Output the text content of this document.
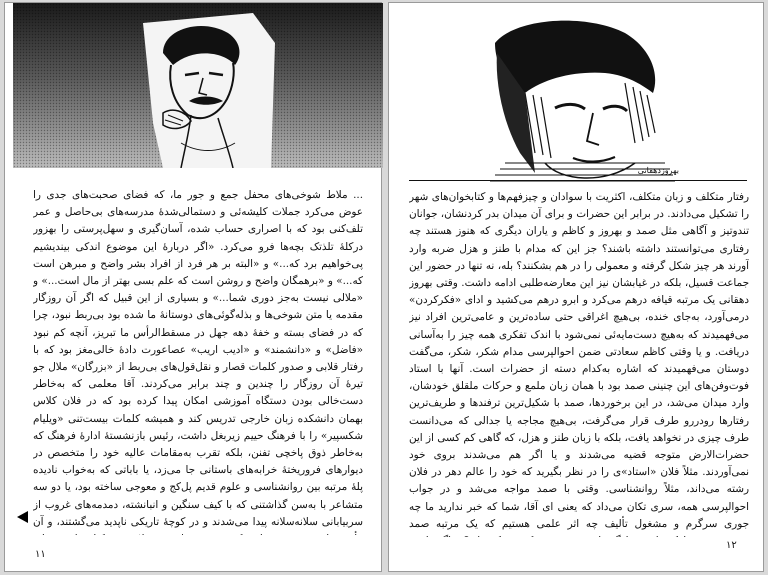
... ملاط شوخی‌های محفل جمع و جور ما، که فضای صحبت‌های جدی را عوض می‌کرد جملات کلیشه‌ئی و دستمالی‌شدهٔ مدرسه‌های بی‌حاصل و عمر تلف‌کنی بود که با اصراری حساب شده، آسان‌گیری و سهل‌پرستی را بهزور درکلهٔ تلذتک بچه‌ها فرو می‌کرد. «اگر دربارهٔ این موضوع اندکی بیندیشیم پی‌خواهیم برد که...» و «البته بر هر فرد از افراد بشر واضح و مبرهن است که...» و «برهمگان واضح و روشن است که علم بسی بهتر از مال است...» و «ملالی نیست به‌جز دوری شما...» و بسیاری از این قبیل که اگر آن روزگار مقدمه یا متن شوخی‌ها و بذله‌گوئی‌های دوستانهٔ ما شده بود بی‌ربط نبود، چرا که در فضای بسته و خفهٔ دهه جهل در مسقط‌الرأس ما تبریز، آنچه کم نبود «فاضل» و «دانشمند» و «ادیب اریب» عصاعورت دادهٔ خالی‌مغز بود که با رفتار قلابی و صدور کلمات قصار و نقل‌قول‌های بی‌ربط از «بزرگان» ملال جو تیرهٔ آن روزگار را چندین و چند برابر می‌کردند. آقا معلمی که به‌خاطر دست‌خالی بودن دستگاه آموزشی امکان پیدا کرده بود که در فلان کلاس بهمان دانشکده زبان خارجی تدریس کند و همیشه کلمات بیست‌تنی «ویلیام شکسپیر» را با فرهنگ حییم زیربغل داشت، رئیس بازنشستهٔ ادارهٔ فرهنگ که به‌خاطر ذوق پاخچی تفنن، بلکه تقرب به‌مقامات عالیه خود را متخصص در دیوارهای فروریختهٔ خرابه‌های باستانی جا می‌زد، یا باباتی که به‌خواب نادیده پلهٔ مرتبه بین روانشناسی و علوم قدیم پل‌کج و معوجی ساخته بود، یا دو سه متشاعر با به‌سن گذاشتنی که با کیف سنگین و انبانشته، دمدمه‌های غروب از سربیابانی سلانه‌سلانه پیدا می‌شدند و در کوچهٔ تاریکی ناپدید می‌گشتند، و آن

۱۱
بهروزدهقانی

رفتار متکلف و زبان متکلف، اکثریت با سوادان و چیزفهم‌ها و کتابخوان‌های شهر را تشکیل می‌دادند. در برابر این حضرات و برای آن میدان بدر کردنشان، جوانان تندوتیز و آگاهی مثل صمد و بهروز و کاظم و یاران دیگری که هنوز هستند چه رفتاری می‌توانستند داشته باشند؟ جز این که مدام با طنز و هزل ضربه وارد آورند هر چیز شکل گرفته و معمولی را در هم بشکنند؟ بله، نه تنها در حضور این جماعت قسیل، بلکه در غیابشان نیز این معارضه‌طلبی ادامه داشت. وقتی بهروز دهقانی یک مرتبه قیافه درهم می‌کرد و ابرو درهم می‌کشید و ادای «فکرکردن» درمی‌آورد، به‌جای خنده، بی‌هیچ اغراقی حتی ساده‌ترین و عامی‌ترین افراد نیز می‌فهمیدند که به‌هیچ دست‌مایه‌ئی نمی‌شود با اندک تفکری همه چیز را به‌آسانی دریافت. و یا وقتی کاظم سعادتی ضمن احوالپرسی مدام شکر، شکر، می‌گفت دوستان می‌فهمیدند که اشاره به‌کدام دسته از حضرات است. آنها با استاد فوت‌وفن‌های این چنینی صمد بود با همان زبان ملمع و حرکات ملقلق خودشان، وارد میدان می‌شد، در این برخوردها، صمد با شکیل‌ترین ترفندها و طریف‌ترین رفتارها رودررو طرف قرار می‌گرفت، بی‌هیچ مجاجه یا جدالی که می‌دانست طرف چیزی در نخواهد یافت، بلکه با زبان طنز و هزل، که گاهی کم کسی از این حضرات‌الارض متوجه قضیه می‌شدند و یا اگر هم می‌شدند بروی خود نمی‌آوردند. مثلاً فلان «استاد»ی را در نظر بگیرید که خود را عالم دهر در فلان رشته می‌داند، مثلاً روانشناسی. وقتی با صمد مواجه می‌شد و در جواب احوالپرسی همه، سری تکان می‌داد که یعنی ای آقا، شما که خبر ندارید ما چه جوری سرگرم و مشغول تألیف چه اثر علمی هستیم که یک مرتبه صمد

۱۲
